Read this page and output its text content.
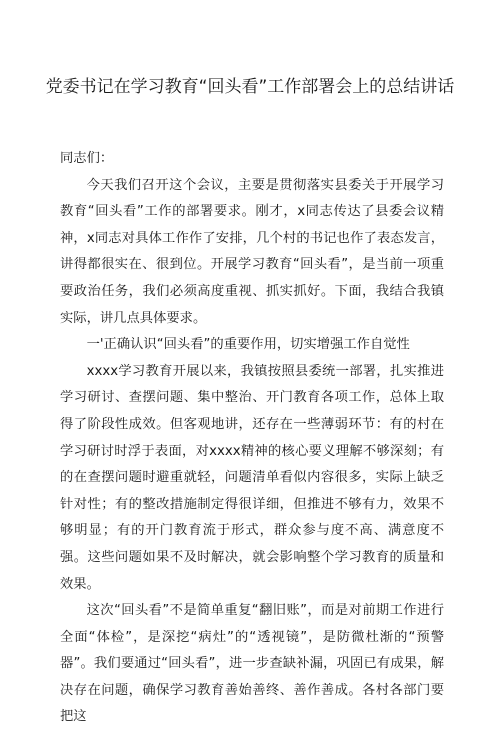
党委书记在学习教育“回头看”工作部署会上的总结讲话

同志们：

今天我们召开这个会议，主要是贯彻落实县委关于开展学习教育“回头看”工作的部署要求。刚才，x同志传达了县委会议精神，x同志对具体工作作了安排，几个村的书记也作了表态发言，讲得都很实在、很到位。开展学习教育“回头看”，是当前一项重要政治任务，我们必须高度重视、抓实抓好。下面，我结合我镇实际，讲几点具体要求。

一'正确认识“回头看”的重要作用，切实增强工作自觉性

xxxx学习教育开展以来，我镇按照县委统一部署，扎实推进学习研讨、查摆问题、集中整治、开门教育各项工作，总体上取得了阶段性成效。但客观地讲，还存在一些薄弱环节：有的村在学习研讨时浮于表面，对xxxx精神的核心要义理解不够深刻；有的在查摆问题时避重就轻，问题清单看似内容很多，实际上缺乏针对性；有的整改措施制定得很详细，但推进不够有力，效果不够明显；有的开门教育流于形式，群众参与度不高、满意度不强。这些问题如果不及时解决，就会影响整个学习教育的质量和效果。

这次“回头看”不是简单重复“翻旧账”，而是对前期工作进行全面“体检”，是深挖“病灶”的“透视镜”，是防微杜渐的“预警器”。我们要通过“回头看”，进一步查缺补漏，巩固已有成果，解决存在问题，确保学习教育善始善终、善作善成。各村各部门要把这
